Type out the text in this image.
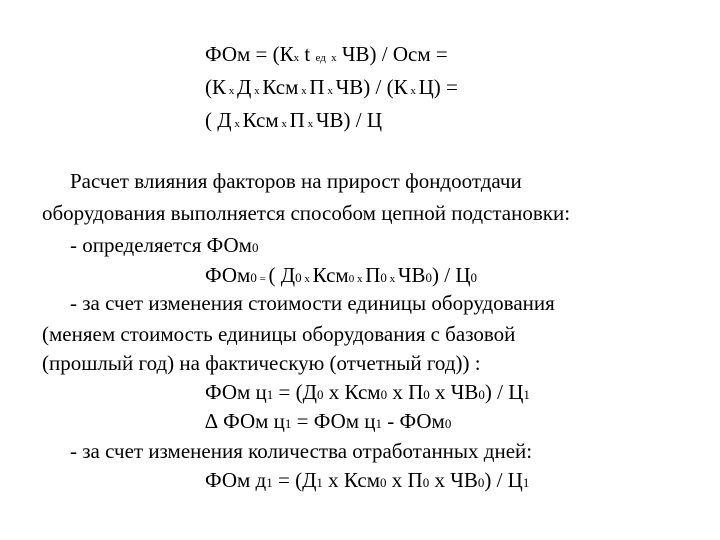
ФОм = (Кх t ед х ЧВ) / Осм =
(К х Д х Ксм х П х ЧВ) / (К х Ц) =
( Д х Ксм х П х ЧВ) / Ц
Расчет влияния факторов на прирост фондоотдачи
оборудования выполняется способом цепной подстановки:
- определяется ФОм0
ФОм0 = ( Д0 х Ксм0 х П0 х ЧВ0) / Ц0
- за счет изменения стоимости единицы оборудования
(меняем стоимость единицы оборудования с базовой
(прошлый год) на фактическую (отчетный год)) :
ФОм ц1 = (Д0 х Ксм0 х П0 х ЧВ0) / Ц1
∆ ФОм ц1 = ФОм ц1 - ФОм0
- за счет изменения количества отработанных дней:
ФОм д1 = (Д1 х Ксм0 х П0 х ЧВ0) / Ц1
